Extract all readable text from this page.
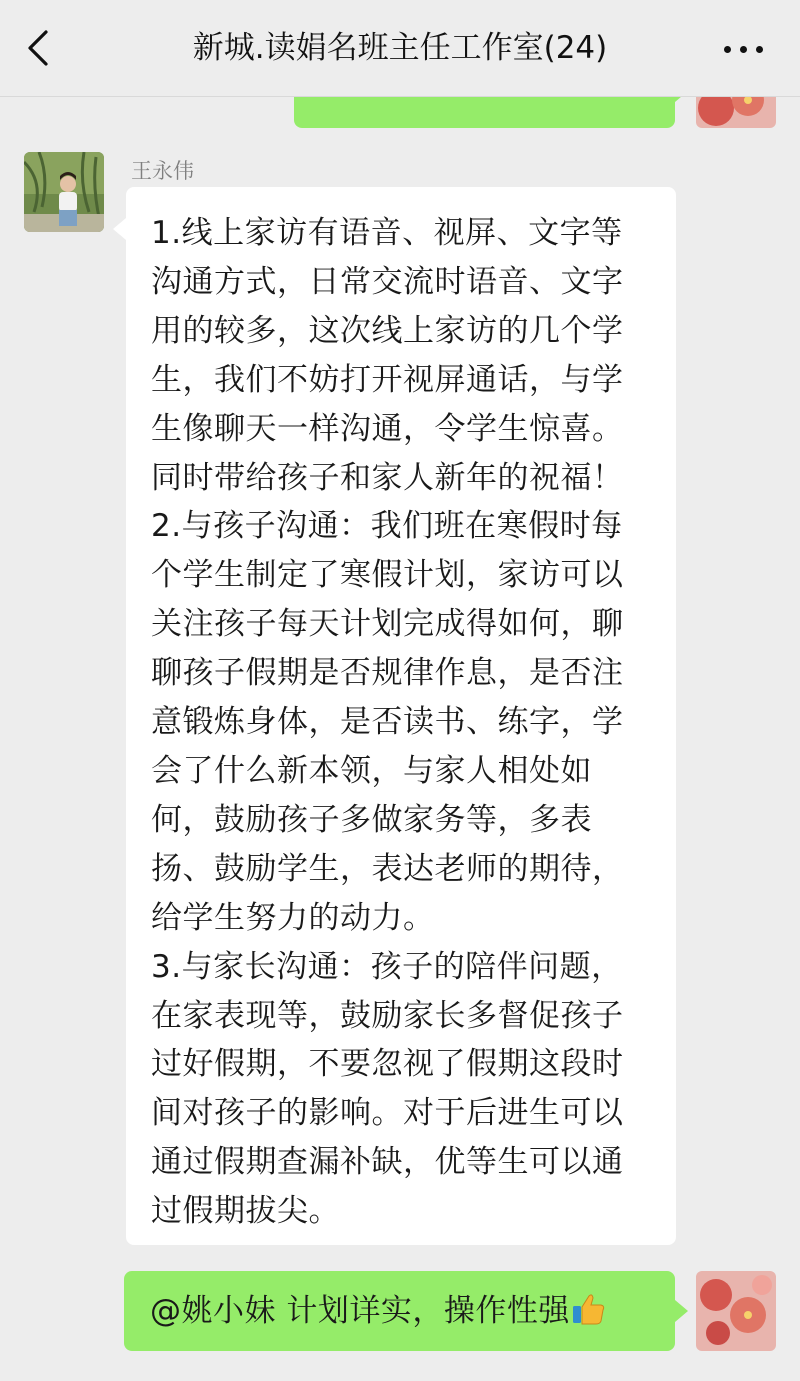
新城.读娟名班主任工作室(24)
王永伟
1.线上家访有语音、视屏、文字等
沟通方式，日常交流时语音、文字
用的较多，这次线上家访的几个学
生，我们不妨打开视屏通话，与学
生像聊天一样沟通，令学生惊喜。
同时带给孩子和家人新年的祝福！
2.与孩子沟通：我们班在寒假时每
个学生制定了寒假计划，家访可以
关注孩子每天计划完成得如何，聊
聊孩子假期是否规律作息，是否注
意锻炼身体，是否读书、练字，学
会了什么新本领，与家人相处如
何，鼓励孩子多做家务等，多表
扬、鼓励学生，表达老师的期待，
给学生努力的动力。
3.与家长沟通：孩子的陪伴问题，
在家表现等，鼓励家长多督促孩子
过好假期，不要忽视了假期这段时
间对孩子的影响。对于后进生可以
通过假期查漏补缺，优等生可以通
过假期拔尖。
@姚小妹 计划详实，操作性强
